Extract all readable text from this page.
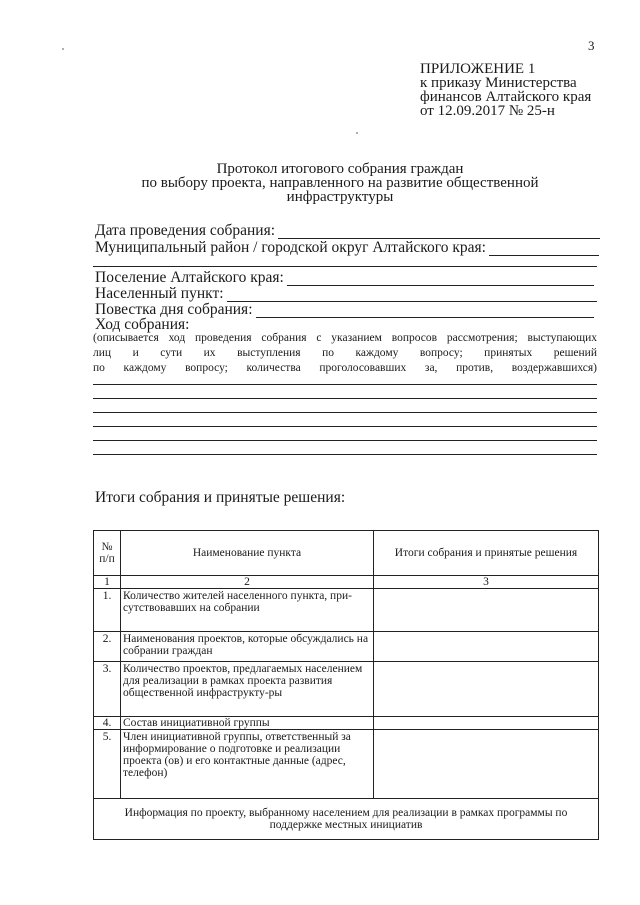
3
ПРИЛОЖЕНИЕ 1
к приказу Министерства
финансов Алтайского края
от 12.09.2017 № 25-н
Протокол итогового собрания граждан
по выбору проекта, направленного на развитие общественной
инфраструктуры
Дата проведения собрания:
Муниципальный район / городской округ Алтайского края:
Поселение Алтайского края:
Населенный пункт:
Повестка дня собрания:
Ход собрания:
(описывается ход проведения собрания с указанием вопросов рассмотрения; выступающих
лиц и сути их выступления по каждому вопросу; принятых решений
по каждому вопросу; количества проголосовавших за, против, воздержавшихся)
Итоги собрания и принятые решения:
№ п/п	Наименование пункта	Итоги собрания и принятые решения
1	2	3
1.	Количество жителей населенного пункта, при-сутствовавших на собрании	
2.	Наименования проектов, которые обсуждались на собрании граждан	
3.	Количество проектов, предлагаемых населением для реализации в рамках проекта развития общественной инфраструкту-ры	
4.	Состав инициативной группы	
5.	Член инициативной группы, ответственный за информирование о подготовке и реализации проекта (ов) и его контактные данные (адрес, телефон)	
Информация по проекту, выбранному населением для реализации в рамках программы по поддержке местных инициатив		
